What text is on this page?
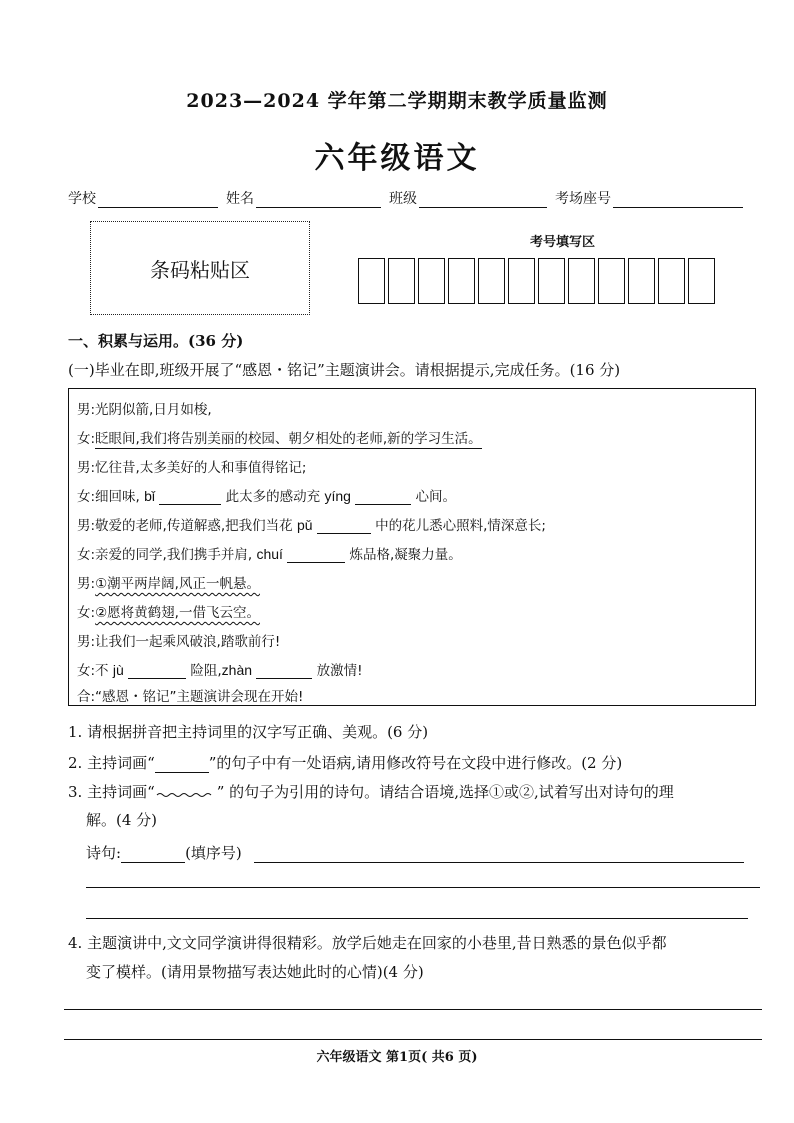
2023—2024 学年第二学期期末教学质量监测
六年级语文
学校	姓名	班级	考场座号
条码粘贴区
考号填写区
一、积累与运用。(36 分)
(一)毕业在即,班级开展了“感恩・铭记”主题演讲会。请根据提示,完成任务。(16 分)
男:光阴似箭,日月如梭,
女:眨眼间,我们将告别美丽的校园、朝夕相处的老师,新的学习生活。
男:忆往昔,太多美好的人和事值得铭记;
女:细回味, bǐ	此太多的感动充 yíng	心间。
男:敬爱的老师,传道解惑,把我们当花 pǔ	中的花儿悉心照料,情深意长;
女:亲爱的同学,我们携手并肩, chuí	炼品格,凝聚力量。
男:①潮平两岸阔,风正一帆悬。
女:②愿将黄鹤翅,一借飞云空。
男:让我们一起乘风破浪,踏歌前行!
女:不 jù	险阻,zhàn	放激情!
合:“感恩・铭记”主题演讲会现在开始!
1. 请根据拼音把主持词里的汉字写正确、美观。(6 分)
2. 主持词画“	”的句子中有一处语病,请用修改符号在文段中进行修改。(2 分)
3. 主持词画“	” 的句子为引用的诗句。请结合语境,选择①或②,试着写出对诗句的理
解。(4 分)
诗句:	(填序号)
4. 主题演讲中,文文同学演讲得很精彩。放学后她走在回家的小巷里,昔日熟悉的景色似乎都
变了模样。(请用景物描写表达她此时的心情)(4 分)
六年级语文 第1页( 共6 页)
